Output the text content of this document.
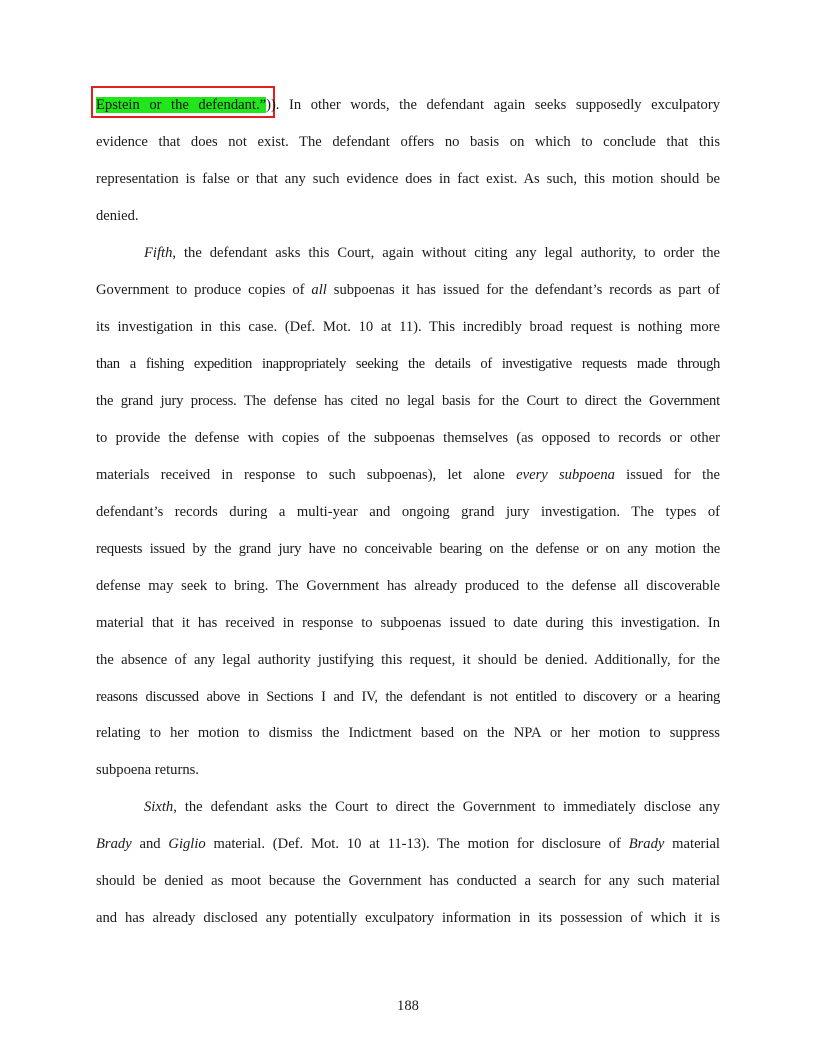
Epstein or the defendant.”)). In other words, the defendant again seeks supposedly exculpatory
evidence that does not exist. The defendant offers no basis on which to conclude that this
representation is false or that any such evidence does in fact exist. As such, this motion should be
denied.
Fifth, the defendant asks this Court, again without citing any legal authority, to order the
Government to produce copies of all subpoenas it has issued for the defendant’s records as part of
its investigation in this case. (Def. Mot. 10 at 11). This incredibly broad request is nothing more
than a fishing expedition inappropriately seeking the details of investigative requests made through
the grand jury process. The defense has cited no legal basis for the Court to direct the Government
to provide the defense with copies of the subpoenas themselves (as opposed to records or other
materials received in response to such subpoenas), let alone every subpoena issued for the
defendant’s records during a multi-year and ongoing grand jury investigation. The types of
requests issued by the grand jury have no conceivable bearing on the defense or on any motion the
defense may seek to bring. The Government has already produced to the defense all discoverable
material that it has received in response to subpoenas issued to date during this investigation. In
the absence of any legal authority justifying this request, it should be denied. Additionally, for the
reasons discussed above in Sections I and IV, the defendant is not entitled to discovery or a hearing
relating to her motion to dismiss the Indictment based on the NPA or her motion to suppress
subpoena returns.
Sixth, the defendant asks the Court to direct the Government to immediately disclose any
Brady and Giglio material. (Def. Mot. 10 at 11-13). The motion for disclosure of Brady material
should be denied as moot because the Government has conducted a search for any such material
and has already disclosed any potentially exculpatory information in its possession of which it is
188
